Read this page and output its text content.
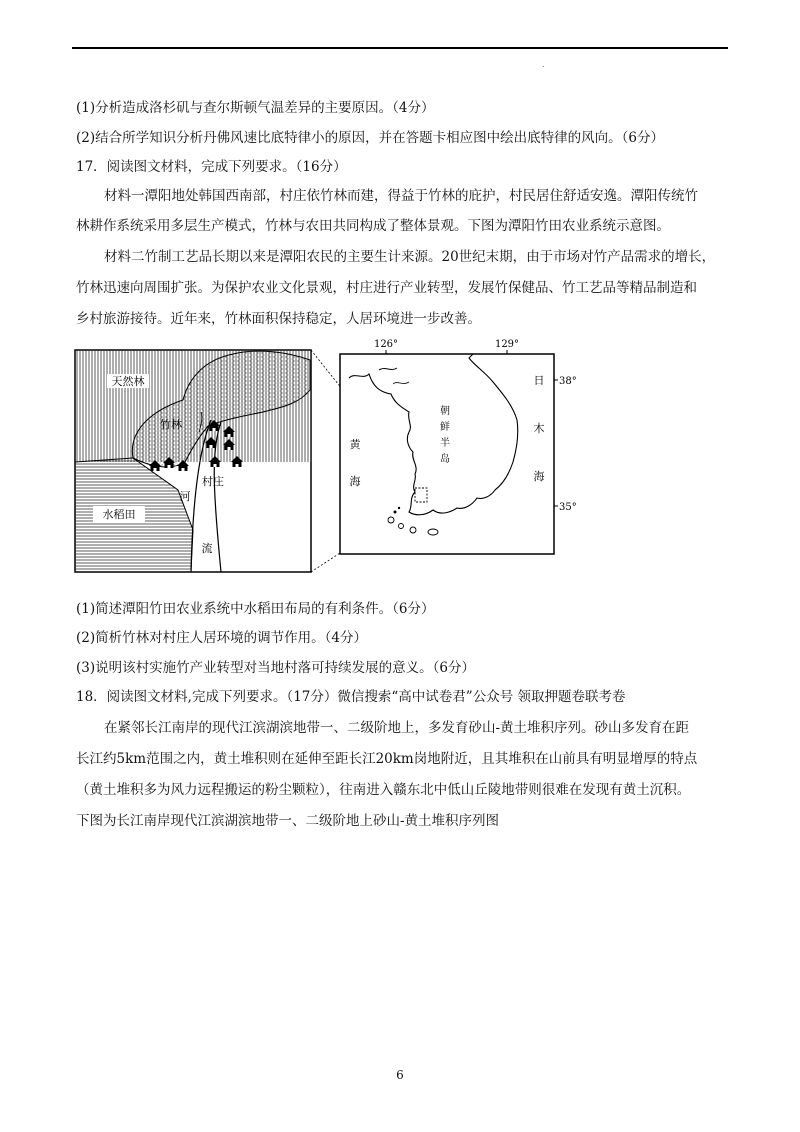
.
(1)分析造成洛杉矶与查尔斯顿气温差异的主要原因。（4分）
(2)结合所学知识分析丹佛风速比底特律小的原因，并在答题卡相应图中绘出底特律的风向。（6分）
17．阅读图文材料，完成下列要求。（16分）
材料一潭阳地处韩国西南部，村庄依竹林而建，得益于竹林的庇护，村民居住舒适安逸。潭阳传统竹
林耕作系统采用多层生产模式，竹林与农田共同构成了整体景观。下图为潭阳竹田农业系统示意图。
材料二竹制工艺品长期以来是潭阳农民的主要生计来源。20世纪末期，由于市场对竹产品需求的增长，
竹林迅速向周围扩张。为保护农业文化景观，村庄进行产业转型，发展竹保健品、竹工艺品等精品制造和
乡村旅游接待。近年来，竹林面积保持稳定，人居环境进一步改善。
天然林
竹林
水稻田
村庄
河
流
126°	129°
38°
35°
日
木
海
黄
海
朝
鲜
半
岛
(1)简述潭阳竹田农业系统中水稻田布局的有利条件。（6分）
(2)简析竹林对村庄人居环境的调节作用。（4分）
(3)说明该村实施竹产业转型对当地村落可持续发展的意义。（6分）
18．阅读图文材料,完成下列要求。（17分）微信搜索“高中试卷君”公众号 领取押题卷联考卷
在紧邻长江南岸的现代江滨湖滨地带一、二级阶地上，多发育砂山-黄土堆积序列。砂山多发育在距
长江约5km范围之内，黄土堆积则在延伸至距长江20km岗地附近，且其堆积在山前具有明显增厚的特点
（黄土堆积多为风力远程搬运的粉尘颗粒），往南进入赣东北中低山丘陵地带则很难在发现有黄土沉积。
下图为长江南岸现代江滨湖滨地带一、二级阶地上砂山-黄土堆积序列图
6
